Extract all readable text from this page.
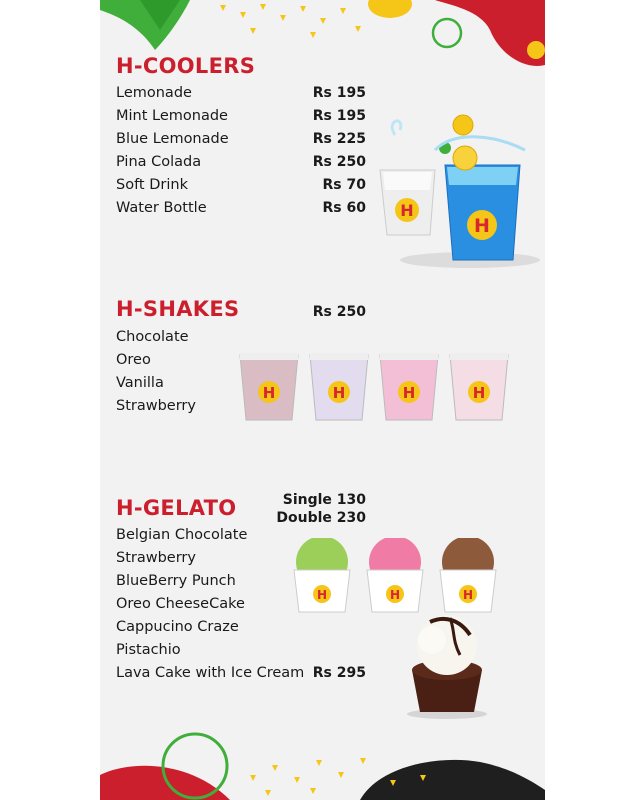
H-COOLERS
Lemonade	Rs 195
Mint Lemonade	Rs 195
Blue Lemonade	Rs 225
Pina Colada	Rs 250
Soft Drink	Rs 70
Water Bottle	Rs 60 H
H
H-SHAKES	Rs 250
Chocolate
Oreo
Vanilla
Strawberry
H	H	H	H
H-GELATO	Single 130
Double 230
Belgian Chocolate
Strawberry
BlueBerry Punch
Oreo CheeseCake
Cappucino Craze
Pistachio
Lava Cake with Ice Cream Rs 295
H	H	H
